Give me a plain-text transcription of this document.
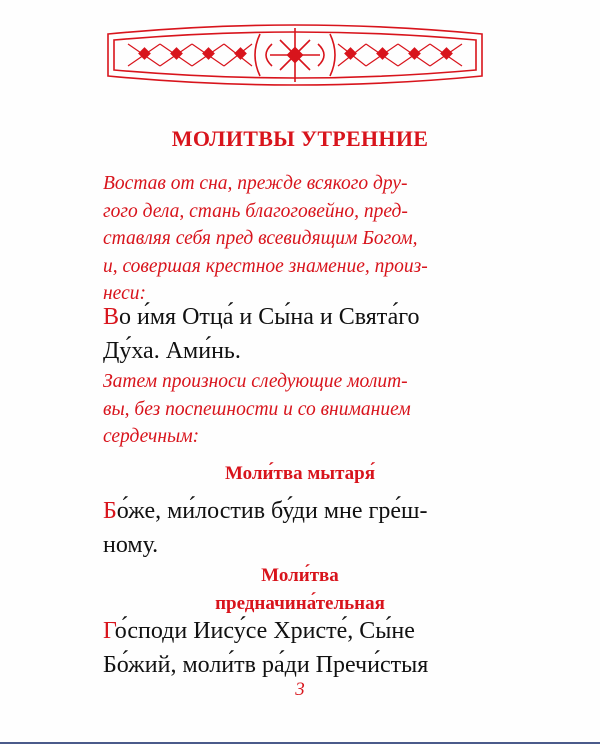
МОЛИТВЫ УТРЕННИЕ
Востав от сна, прежде всякого дру-
гого дела, стань благоговейно, пред-
ставляя себя пред всевидящим Богом,
и, совершая крестное знамение, произ-
неси:
Во и́мя Отца́ и Сы́на и Свята́го
Ду́ха. Ами́нь.
Затем произноси следующие молит-
вы, без поспешности и со вниманием
сердечным:
Моли́тва мытаря́
Бо́же, ми́лостив бу́ди мне гре́ш-
ному.
Моли́тва
предначина́тельная
Го́споди Иису́се Христе́, Сы́не
Бо́жий, моли́тв ра́ди Пречи́стыя
3
